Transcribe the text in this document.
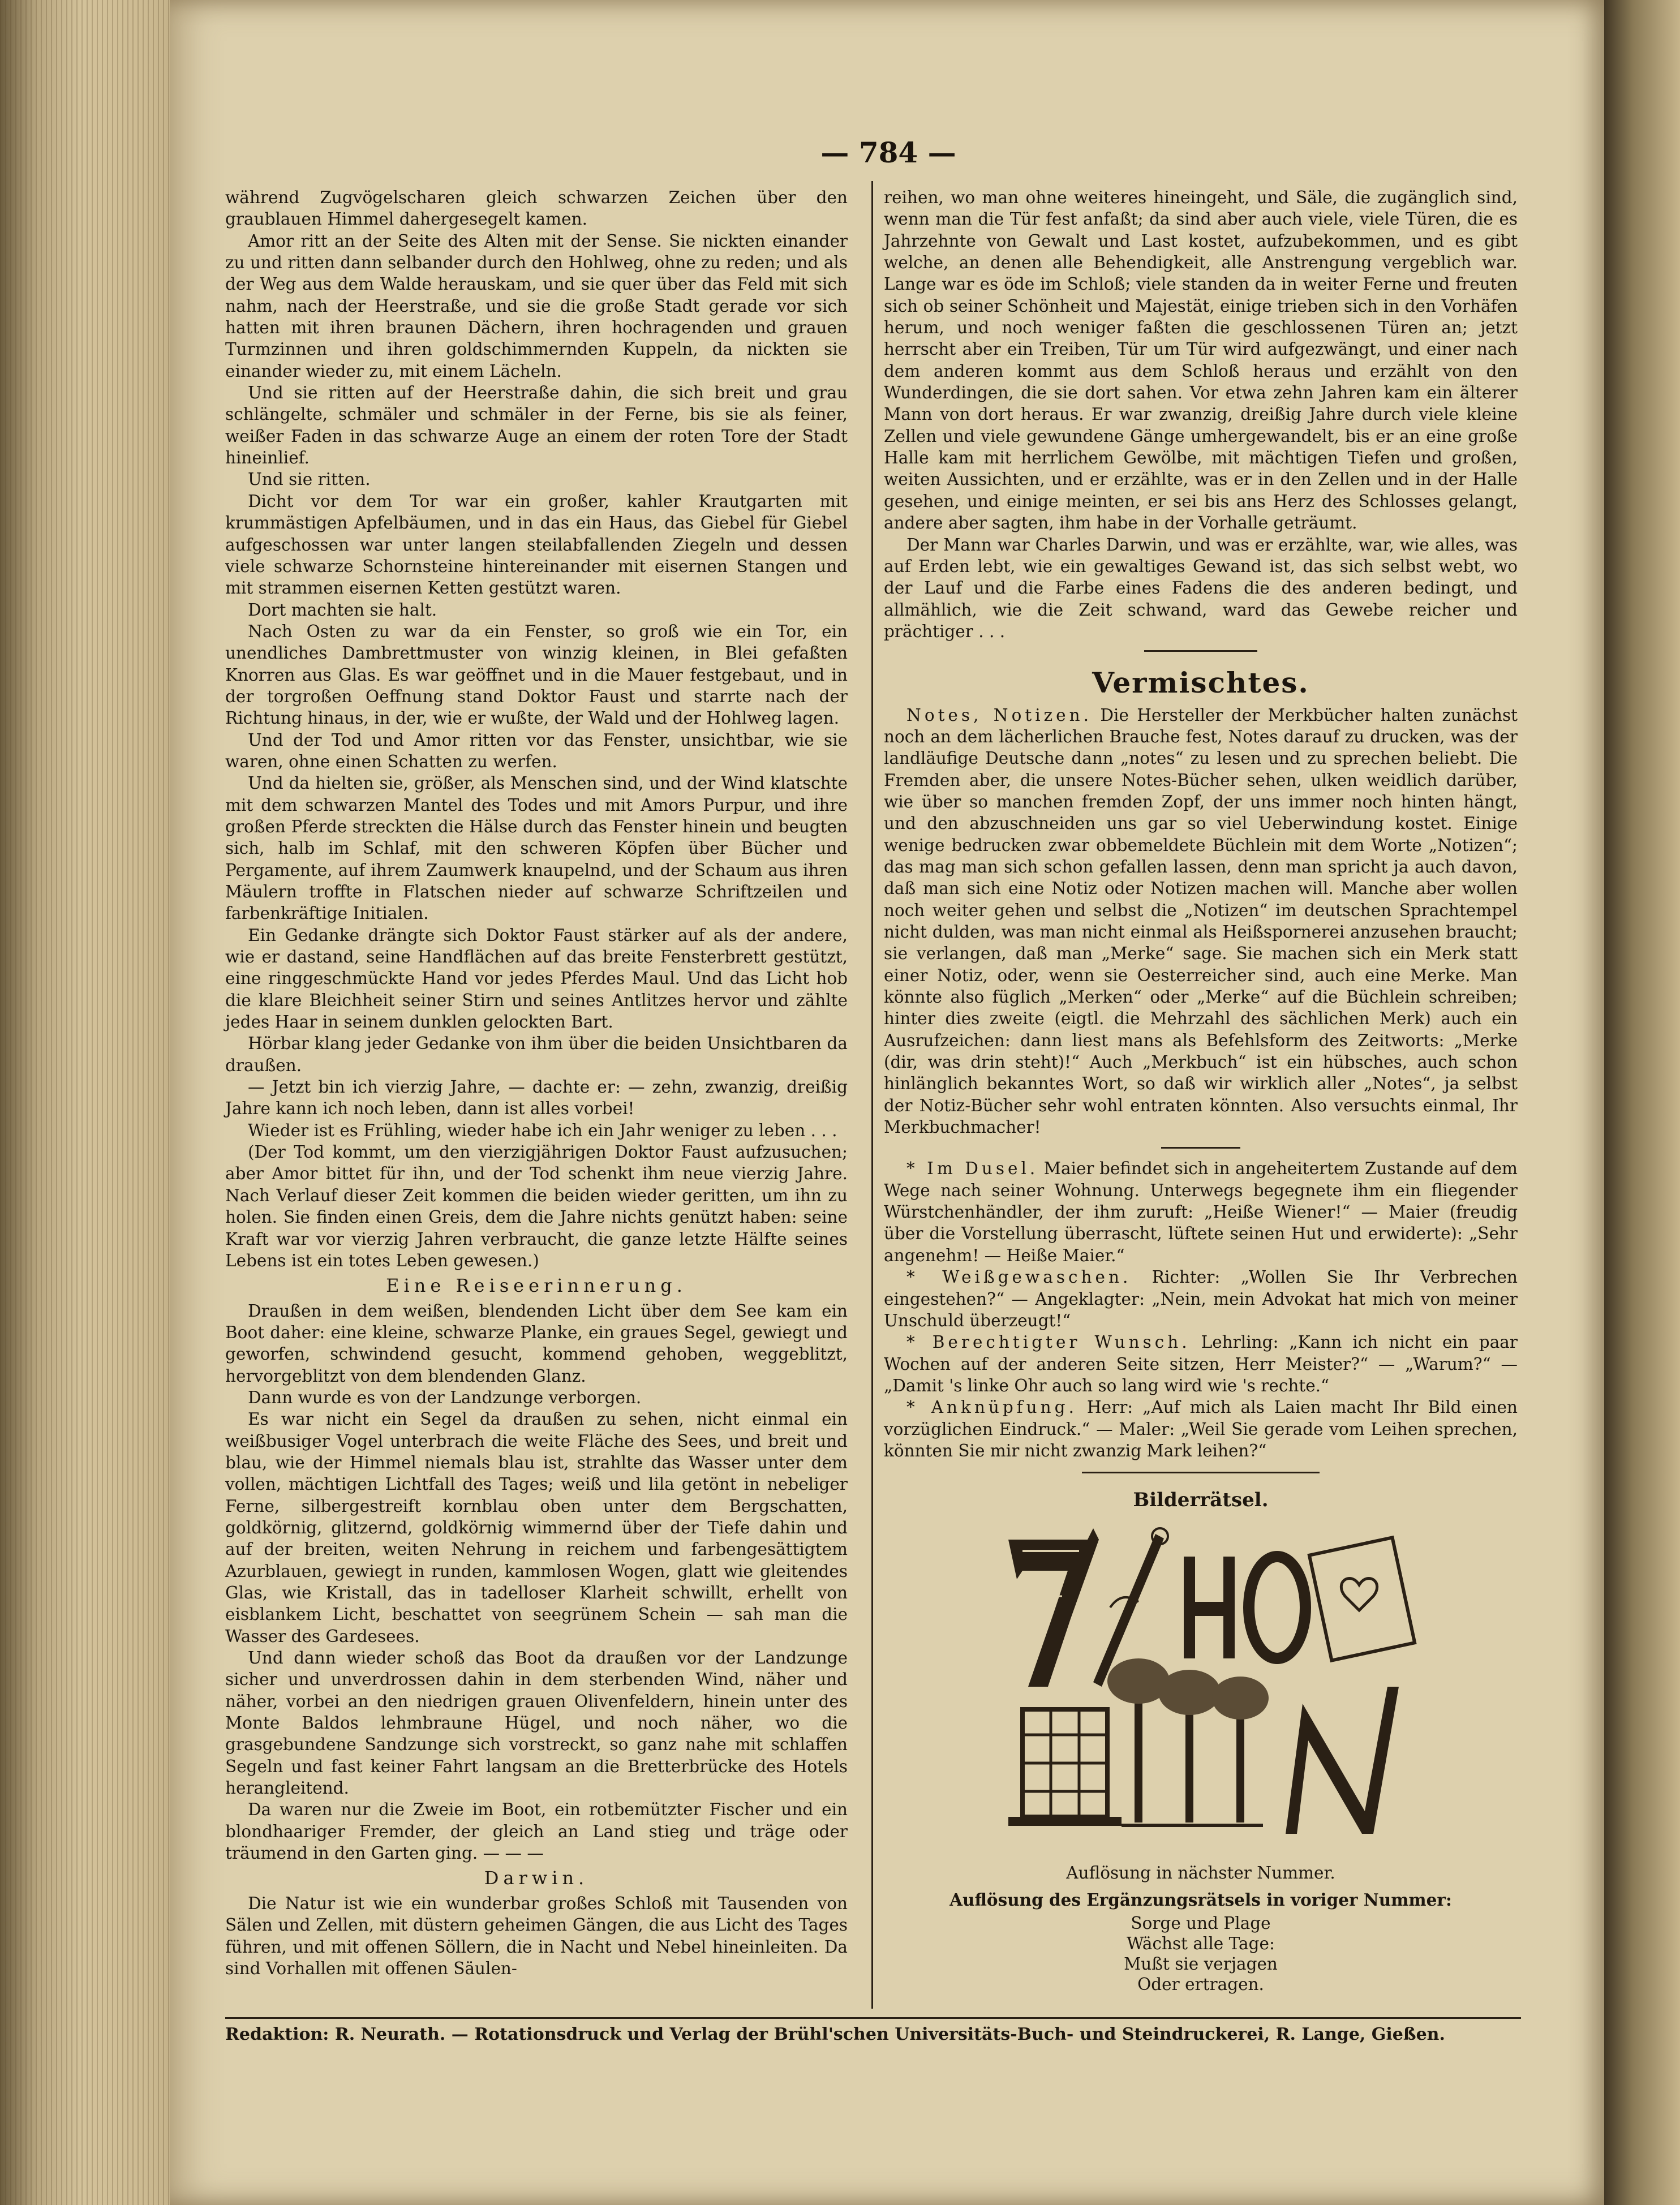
— 784 —

während Zugvögelscharen gleich schwarzen Zeichen über den graublauen Himmel dahergesegelt kamen.

Amor ritt an der Seite des Alten mit der Sense. Sie nickten einander zu und ritten dann selbander durch den Hohlweg, ohne zu reden; und als der Weg aus dem Walde herauskam, und sie quer über das Feld mit sich nahm, nach der Heerstraße, und sie die große Stadt gerade vor sich hatten mit ihren braunen Dächern, ihren hochragenden und grauen Turmzinnen und ihren goldschimmernden Kuppeln, da nickten sie einander wieder zu, mit einem Lächeln.

Und sie ritten auf der Heerstraße dahin, die sich breit und grau schlängelte, schmäler und schmäler in der Ferne, bis sie als feiner, weißer Faden in das schwarze Auge an einem der roten Tore der Stadt hineinlief.

Und sie ritten.

Dicht vor dem Tor war ein großer, kahler Krautgarten mit krummästigen Apfelbäumen, und in das ein Haus, das Giebel für Giebel aufgeschossen war unter langen steilabfallenden Ziegeln und dessen viele schwarze Schornsteine hintereinander mit eisernen Stangen und mit strammen eisernen Ketten gestützt waren.

Dort machten sie halt.

Nach Osten zu war da ein Fenster, so groß wie ein Tor, ein unendliches Dambrettmuster von winzig kleinen, in Blei gefaßten Knorren aus Glas. Es war geöffnet und in die Mauer festgebaut, und in der torgroßen Oeffnung stand Doktor Faust und starrte nach der Richtung hinaus, in der, wie er wußte, der Wald und der Hohlweg lagen.

Und der Tod und Amor ritten vor das Fenster, unsichtbar, wie sie waren, ohne einen Schatten zu werfen.

Und da hielten sie, größer, als Menschen sind, und der Wind klatschte mit dem schwarzen Mantel des Todes und mit Amors Purpur, und ihre großen Pferde streckten die Hälse durch das Fenster hinein und beugten sich, halb im Schlaf, mit den schweren Köpfen über Bücher und Pergamente, auf ihrem Zaumwerk knaupelnd, und der Schaum aus ihren Mäulern troffte in Flatschen nieder auf schwarze Schriftzeilen und farbenkräftige Initialen.

Ein Gedanke drängte sich Doktor Faust stärker auf als der andere, wie er dastand, seine Handflächen auf das breite Fensterbrett gestützt, eine ringgeschmückte Hand vor jedes Pferdes Maul. Und das Licht hob die klare Bleichheit seiner Stirn und seines Antlitzes hervor und zählte jedes Haar in seinem dunklen gelockten Bart.

Hörbar klang jeder Gedanke von ihm über die beiden Unsichtbaren da draußen.

— Jetzt bin ich vierzig Jahre, — dachte er: — zehn, zwanzig, dreißig Jahre kann ich noch leben, dann ist alles vorbei!

Wieder ist es Frühling, wieder habe ich ein Jahr weniger zu leben . . .

(Der Tod kommt, um den vierzigjährigen Doktor Faust aufzusuchen; aber Amor bittet für ihn, und der Tod schenkt ihm neue vierzig Jahre. Nach Verlauf dieser Zeit kommen die beiden wieder geritten, um ihn zu holen. Sie finden einen Greis, dem die Jahre nichts genützt haben: seine Kraft war vor vierzig Jahren verbraucht, die ganze letzte Hälfte seines Lebens ist ein totes Leben gewesen.)

Eine Reiseerinnerung.

Draußen in dem weißen, blendenden Licht über dem See kam ein Boot daher: eine kleine, schwarze Planke, ein graues Segel, gewiegt und geworfen, schwindend gesucht, kommend gehoben, weggeblitzt, hervorgeblitzt von dem blendenden Glanz.

Dann wurde es von der Landzunge verborgen.

Es war nicht ein Segel da draußen zu sehen, nicht einmal ein weißbusiger Vogel unterbrach die weite Fläche des Sees, und breit und blau, wie der Himmel niemals blau ist, strahlte das Wasser unter dem vollen, mächtigen Lichtfall des Tages; weiß und lila getönt in nebeliger Ferne, silbergestreift kornblau oben unter dem Bergschatten, goldkörnig, glitzernd, goldkörnig wimmernd über der Tiefe dahin und auf der breiten, weiten Nehrung in reichem und farbengesättigtem Azurblauen, gewiegt in runden, kammlosen Wogen, glatt wie gleitendes Glas, wie Kristall, das in tadelloser Klarheit schwillt, erhellt von eisblankem Licht, beschattet von seegrünem Schein — sah man die Wasser des Gardesees.

Und dann wieder schoß das Boot da draußen vor der Landzunge sicher und unverdrossen dahin in dem sterbenden Wind, näher und näher, vorbei an den niedrigen grauen Olivenfeldern, hinein unter des Monte Baldos lehmbraune Hügel, und noch näher, wo die grasgebundene Sandzunge sich vorstreckt, so ganz nahe mit schlaffen Segeln und fast keiner Fahrt langsam an die Bretterbrücke des Hotels herangleitend.

Da waren nur die Zweie im Boot, ein rotbemützter Fischer und ein blondhaariger Fremder, der gleich an Land stieg und träge oder träumend in den Garten ging. — — —

Darwin.

Die Natur ist wie ein wunderbar großes Schloß mit Tausenden von Sälen und Zellen, mit düstern geheimen Gängen, die aus Licht des Tages führen, und mit offenen Söllern, die in Nacht und Nebel hineinleiten. Da sind Vorhallen mit offenen Säulen-

reihen, wo man ohne weiteres hineingeht, und Säle, die zugänglich sind, wenn man die Tür fest anfaßt; da sind aber auch viele, viele Türen, die es Jahrzehnte von Gewalt und Last kostet, aufzubekommen, und es gibt welche, an denen alle Behendigkeit, alle Anstrengung vergeblich war. Lange war es öde im Schloß; viele standen da in weiter Ferne und freuten sich ob seiner Schönheit und Majestät, einige trieben sich in den Vorhäfen herum, und noch weniger faßten die geschlossenen Türen an; jetzt herrscht aber ein Treiben, Tür um Tür wird aufgezwängt, und einer nach dem anderen kommt aus dem Schloß heraus und erzählt von den Wunderdingen, die sie dort sahen. Vor etwa zehn Jahren kam ein älterer Mann von dort heraus. Er war zwanzig, dreißig Jahre durch viele kleine Zellen und viele gewundene Gänge umhergewandelt, bis er an eine große Halle kam mit herrlichem Gewölbe, mit mächtigen Tiefen und großen, weiten Aussichten, und er erzählte, was er in den Zellen und in der Halle gesehen, und einige meinten, er sei bis ans Herz des Schlosses gelangt, andere aber sagten, ihm habe in der Vorhalle geträumt.

Der Mann war Charles Darwin, und was er erzählte, war, wie alles, was auf Erden lebt, wie ein gewaltiges Gewand ist, das sich selbst webt, wo der Lauf und die Farbe eines Fadens die des anderen bedingt, und allmählich, wie die Zeit schwand, ward das Gewebe reicher und prächtiger . . .

Vermischtes.

Notes, Notizen. Die Hersteller der Merkbücher halten zunächst noch an dem lächerlichen Brauche fest, Notes darauf zu drucken, was der landläufige Deutsche dann „notes“ zu lesen und zu sprechen beliebt. Die Fremden aber, die unsere Notes-Bücher sehen, ulken weidlich darüber, wie über so manchen fremden Zopf, der uns immer noch hinten hängt, und den abzuschneiden uns gar so viel Ueberwindung kostet. Einige wenige bedrucken zwar obbemeldete Büchlein mit dem Worte „Notizen“; das mag man sich schon gefallen lassen, denn man spricht ja auch davon, daß man sich eine Notiz oder Notizen machen will. Manche aber wollen noch weiter gehen und selbst die „Notizen“ im deutschen Sprachtempel nicht dulden, was man nicht einmal als Heißspornerei anzusehen braucht; sie verlangen, daß man „Merke“ sage. Sie machen sich ein Merk statt einer Notiz, oder, wenn sie Oesterreicher sind, auch eine Merke. Man könnte also füglich „Merken“ oder „Merke“ auf die Büchlein schreiben; hinter dies zweite (eigtl. die Mehrzahl des sächlichen Merk) auch ein Ausrufzeichen: dann liest mans als Befehlsform des Zeitworts: „Merke (dir, was drin steht)!“ Auch „Merkbuch“ ist ein hübsches, auch schon hinlänglich bekanntes Wort, so daß wir wirklich aller „Notes“, ja selbst der Notiz-Bücher sehr wohl entraten könnten. Also versuchts einmal, Ihr Merkbuchmacher!

* Im Dusel. Maier befindet sich in angeheitertem Zustande auf dem Wege nach seiner Wohnung. Unterwegs begegnete ihm ein fliegender Würstchenhändler, der ihm zuruft: „Heiße Wiener!“ — Maier (freudig über die Vorstellung überrascht, lüftete seinen Hut und erwiderte): „Sehr angenehm! — Heiße Maier.“

* Weißgewaschen. Richter: „Wollen Sie Ihr Verbrechen eingestehen?“ — Angeklagter: „Nein, mein Advokat hat mich von meiner Unschuld überzeugt!“

* Berechtigter Wunsch. Lehrling: „Kann ich nicht ein paar Wochen auf der anderen Seite sitzen, Herr Meister?“ — „Warum?“ — „Damit 's linke Ohr auch so lang wird wie 's rechte.“

* Anknüpfung. Herr: „Auf mich als Laien macht Ihr Bild einen vorzüglichen Eindruck.“ — Maler: „Weil Sie gerade vom Leihen sprechen, könnten Sie mir nicht zwanzig Mark leihen?“

Bilderrätsel.
Auflösung in nächster Nummer.
Auflösung des Ergänzungsrätsels in voriger Nummer:
Sorge und Plage
Wächst alle Tage:
Mußt sie verjagen
Oder ertragen.
Redaktion: R. Neurath. — Rotationsdruck und Verlag der Brühl'schen Universitäts-Buch- und Steindruckerei, R. Lange, Gießen.
